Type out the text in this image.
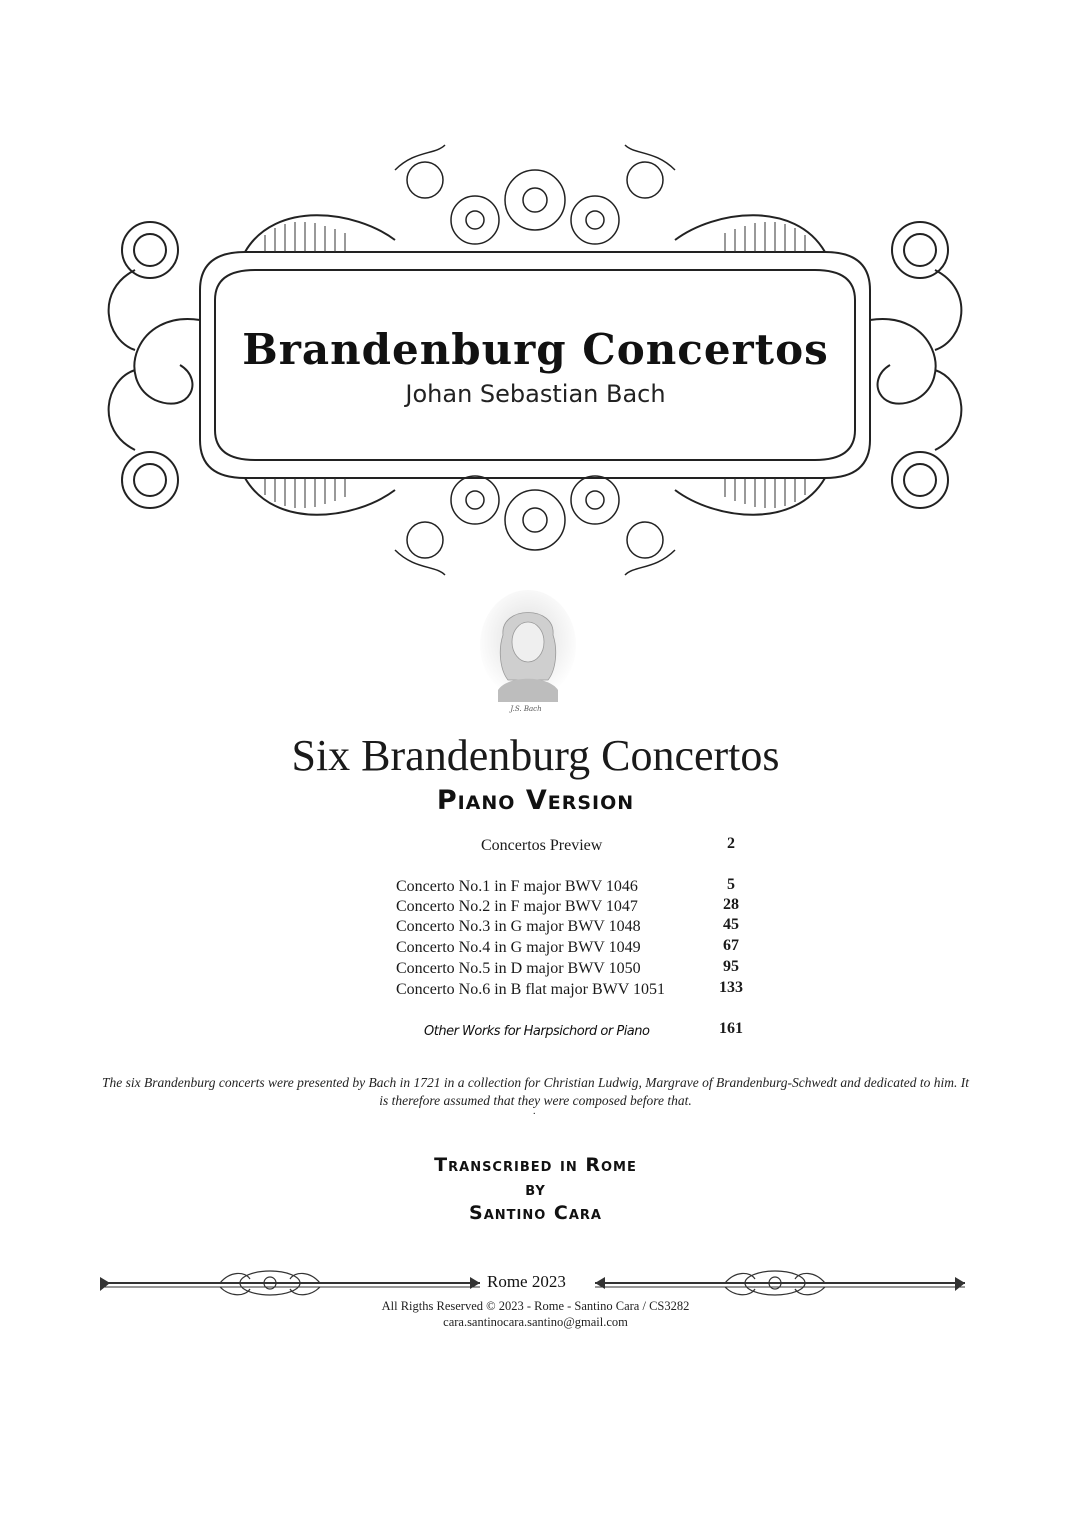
Brandenburg Concertos
Johan Sebastian Bach
J.S. Bach
Six Brandenburg Concertos
Piano Version
Concertos Preview	2
Concerto No.1 in F major BWV 1046	5
Concerto No.2 in F major BWV 1047	28
Concerto No.3 in G major BWV 1048	45
Concerto No.4 in G major BWV 1049	67
Concerto No.5 in D major BWV 1050	95
Concerto No.6 in B flat major BWV 1051	133
Other Works for Harpsichord or Piano	161
The six Brandenburg concerts were presented by Bach in 1721 in a collection for Christian Ludwig, Margrave of Brandenburg-Schwedt and dedicated to him. It is therefore assumed that they were composed before that.
.
Transcribed in Rome
by
Santino Cara
Rome 2023
All Rigths Reserved © 2023 - Rome - Santino Cara / CS3282
cara.santinocara.santino@gmail.com
